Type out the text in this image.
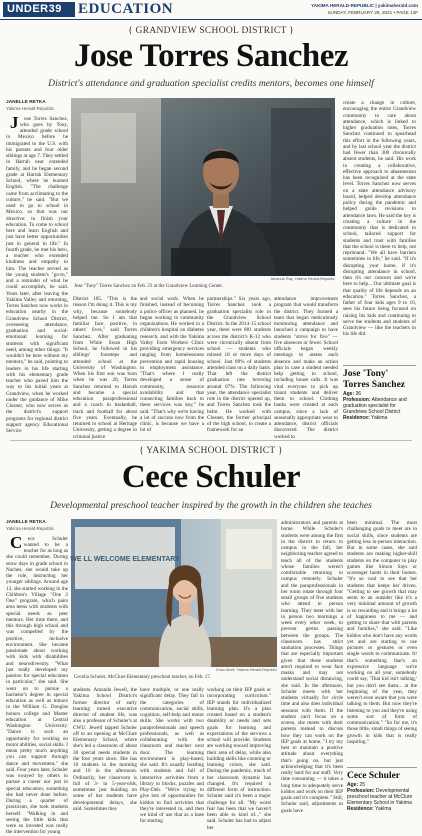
UNDER39	EDUCATION	YAKIMA HERALD-REPUBLIC | yakimaherald.com
SUNDAY, FEBRUARY 28, 2021 • PAGE 13F
{ GRANDVIEW SCHOOL DISTRICT }
Jose Torres Sanchez
District's attendance and graduation specialist credits mentors, becomes one himself
JANELLE RETKA
Yakima Herald-Republic

J ose Torres Sanchez, who goes by Tony, attended grade school in Mexico before he immigrated to the U.S. with his parents and four older siblings at age 7. They settled in Harrah near extended family, and he began second grade at Harrah Elementary School, where he learned English. "The challenge came from acclimating to the culture," he said. "But we used to go to school in Mexico, so that was our directive: to finish your education. To come to school here and learn English and just have better opportunities just in general in life." In fourth grade, he met his hero, a teacher who extended kindness and empathy to him. The teacher served as the young student's "go-to," and a reminder of what he could accomplish, he said. Years later, after leaving the Yakima Valley and returning, Torres Sanchez now works in education nearby in the Grandview School District, overseeing attendance, graduation and social-emotional learning for students with significant need, among other things. "It wouldn't be here without my mentors," he said, pointing to leaders in his life starting with his elementary grade teacher who paved him the way to his initial years at Grandview, when he worked under the guidance of Mike Closner, who now serves as the district's support programs for regional district support agency Educational Service

Amanda Ray, Yakima Herald-Republic
Jose "Tony" Torres Sanchez on Feb. 23 at the Grandview Learning Center.
District 105. "This is the reason I'm doing it. This is my why, because somebody helped me. So I am that familiar face, positive, in others' lives," said Torres Sanchez. After graduating from White Swan High School, he followed in his siblings' footsteps and attended school at the University of Washington. When his first son was born when he was 20, Torres Sanchez returned to Harrah and became a special education paraprofessional and a coach in basketball, track and football for about five years. Eventually, he returned to school at Heritage University, getting a degree in criminal justice
and social work. When he finished, instead of becoming a police officer as planned, he began working in community organizations. He worked in a children's hospital on diabetes research, and with the Yakima Valley Farm Workers Clinic providing emergency services ranging from homelessness prevention and rapid housing to employment assistance. "That's where I really developed a sense of community, resource availability and that connecting families back to these services was key," he said. "That's why we're having a lot of success now from the clinic, is because we have a lot of
partnerships." Six years ago, Torres Sanchez took a graduation specialist role in the Grandview School District. In the 2014-15 school year, there were 881 students across the district's K-12 who were chronically absent from school — students who missed 18 or more days of school. Just 89% of students attended class on a daily basis. That left the district graduation rate hovering around 67%. The following year, the attendance specialist role in the district opened up, and Torres Sanchez took the helm. He worked with Closner, the former principal of the high school, to create a framework for an
attendance improvement program that would transform the district. They formed a team that began meticulously monitoring attendance and launched a campaign to have students "strive for five" — five absences or fewer. School officials began weekly meetings to assess each absence and make an action plan in case a student needed help getting to school, including house calls. It was vital everyone to pick up truant students and deliver them to school. Clothing banks were created at each campus, since a lack of seasonally appropriate wear to attendance, district officials discovered. The district worked to
create a change in culture, encouraging the entire Grandview community to care about attendance, which is linked to higher graduation rates, Torres Sanchez continued to spearhead this effort in the following years, and by last school year the district had fewer than 300 chronically absent students, he said. His work in creating a collaborative, effective approach to absenteeism has been recognized at the state level. Torres Sanchez now serves on a state attendance advisory board, helped develop attendance policy during the pandemic and helped guide revisions to attendance laws. He said the key is creating a culture in the community that is dedicated to school, tailored support for students and trust with families that the school is there to help, not reprimand. "We all have barriers sometimes in life," he said. "If it's disrupting your home, if it's disrupting attendance in school, then it's our concern and we're here to help... Our ultimate goal is that quality of life depends on an education." Torres Sanchez, a father of four kids ages 9 to 16, sees his future being focused on raising his kids and continuing to serve the students and students of Grandview — like the teachers in his life did.
Jose 'Tony' Torres Sanchez
Age: 36
Profession: Attendance and graduation specialist for Grandview School District
Residence: Yakima
{ YAKIMA SCHOOL DISTRICT }
Cece Schuler
Developmental preschool teacher inspired by the growth in the children she teaches
JANELLE RETKA
Yakima Herald-Republic

C ece Schuler wanted to be a teacher for as long as she could remember. During snow days in grade school in Naches, she would take up the role, instructing her younger siblings. Around age 13, she started working in the Children's Village "One 2 One" program, which pairs area teens with students with special needs as peer mentors. Her time there, and this through high school and was compelled by the positive, inclusive environment. She became passionate about working with kids with disabilities and neurodiversity. "What just really developed my passion for special education in particular," she said. She went on to pursue a bachelor's degree in special education as well as minors in the William G. Douglas honors college and Master education at Central Washington University. "Dance is such an opportunity for working on motor abilities, social skills. I mean pretty much anything you can support through dance and movement," she said. Four years later, Schuler was swayed by others to pursue a career not just in special education, something she had never done before. During a quarter of practicum, she took students herself. "Walking in and seeing the little kids that were so invested was really the intervention for young

WE LL WELCOME ELEMENTARY
Evan Abell, Yakima Herald-Republic
Cecelia Schuler, McClure Elementary preschool teacher, on Feb. 17.
students. Amanda Jewell, the Yakima School District's former director of early learning turned executive director of student life, was also a professor of Schuler's at CWU. Jewell tapped Schuler off to an opening at McClure Elementary School, where she's led a classroom of about 30 special needs students in the four years since. She has 10 students in the morning and 10 in the afternoon. Ordinarily, her classroom is full of 3- to 5-year-olds, sometimes just building on some of her students have developmental delays, she said. Sometimes they
have multiple, or one really significant delay. They fall in the categories of communication, social skills, cognition, self-help and motor skills. She works with two paraprofessionals and speech professionals, as well as collaborating with the classroom and teacher next door. The learning environment is play-based, she said. It's usually bustling with students and full of interactive activities from a library to blocks, puzzles and Play-Doh. "We're trying to give lots of opportunities for kiddos to find activities that they're interested in, and then we kind of use that as a base for starting
working on their IEP goals or incorporating curriculum." IEP stands for individualized learning plan. It's a plan created based on a student's disability or needs and sets goals for learning and expectations of the services a school will provide. Students are working toward improving their area of delay, while also building skills like counting or learning colors, she said. During the pandemic, much of her classroom dynamic has changed. It's required a different form of instruction. Schuler said it's been a major challenge for all. "My worst fear has been that we haven't been able to kind of..." she said. Schuler has had to adjust her
administrators and parents at home. While Schuler's students were among the first in the district to return to campus in the fall, her neighboring teacher agreed to teach all of the students whose families weren't comfortable returning to campus remotely. Schuler and the paraprofessionals in her room rotate through four small groups of five students who attend in person learning. They meet with her in person two mornings a week every other week, to prevent germs passing between the groups. The classroom has strict sanitation processes. Things that are especially important given that these students aren't required to wear face masks and may not understand social distancing, she said. In the afternoon, Schuler meets with her students virtually for circle time and also does individual sessions with them. If the student can't focus on a screen, she meets with their parents instead to discuss how they can work on the IEP goals at home. "I try my best to maintain a positive attitude about everything that's going on, but just acknowledging that it's been really hard for our staff. Very time consuming — it takes a long time to adequately serve kiddos and work on their IEP goals and it's complete." Still, Schuler said, adjustments to goals have
been minimal. The most challenging goals to meet are in social skills, since students are getting less in-person interaction. But in some cases, she said students are making higher-skill students on the computer to play games like Simon Says or scavenger hunts in their homes. "It's so cool to see that her students that keeps her driven. "Getting to see growth that may seem to an outsider like it's a very minimal amount of growth is so rewarding and it brings a lot of happiness to me — and getting to share that with parents and families," she said. "Like kiddos who don't have any words yet and are starting to use pictures or gestures or even single words to communicate. It! that's something that's an expressive language we're working on all year, somebody could say, 'That kid isn't talking,' but you don't see them... at the beginning of the year, they weren't even aware that you were talking to them. But now they're listening to you and they're using some sort of form of communication." "So for me, it's those little, small things of seeing growth in kids that is really inspiring."
Cece Schuler
Age: 25
Profession: Developmental preschool teacher at McClure Elementary School in Yakima
Residence: Yakima
